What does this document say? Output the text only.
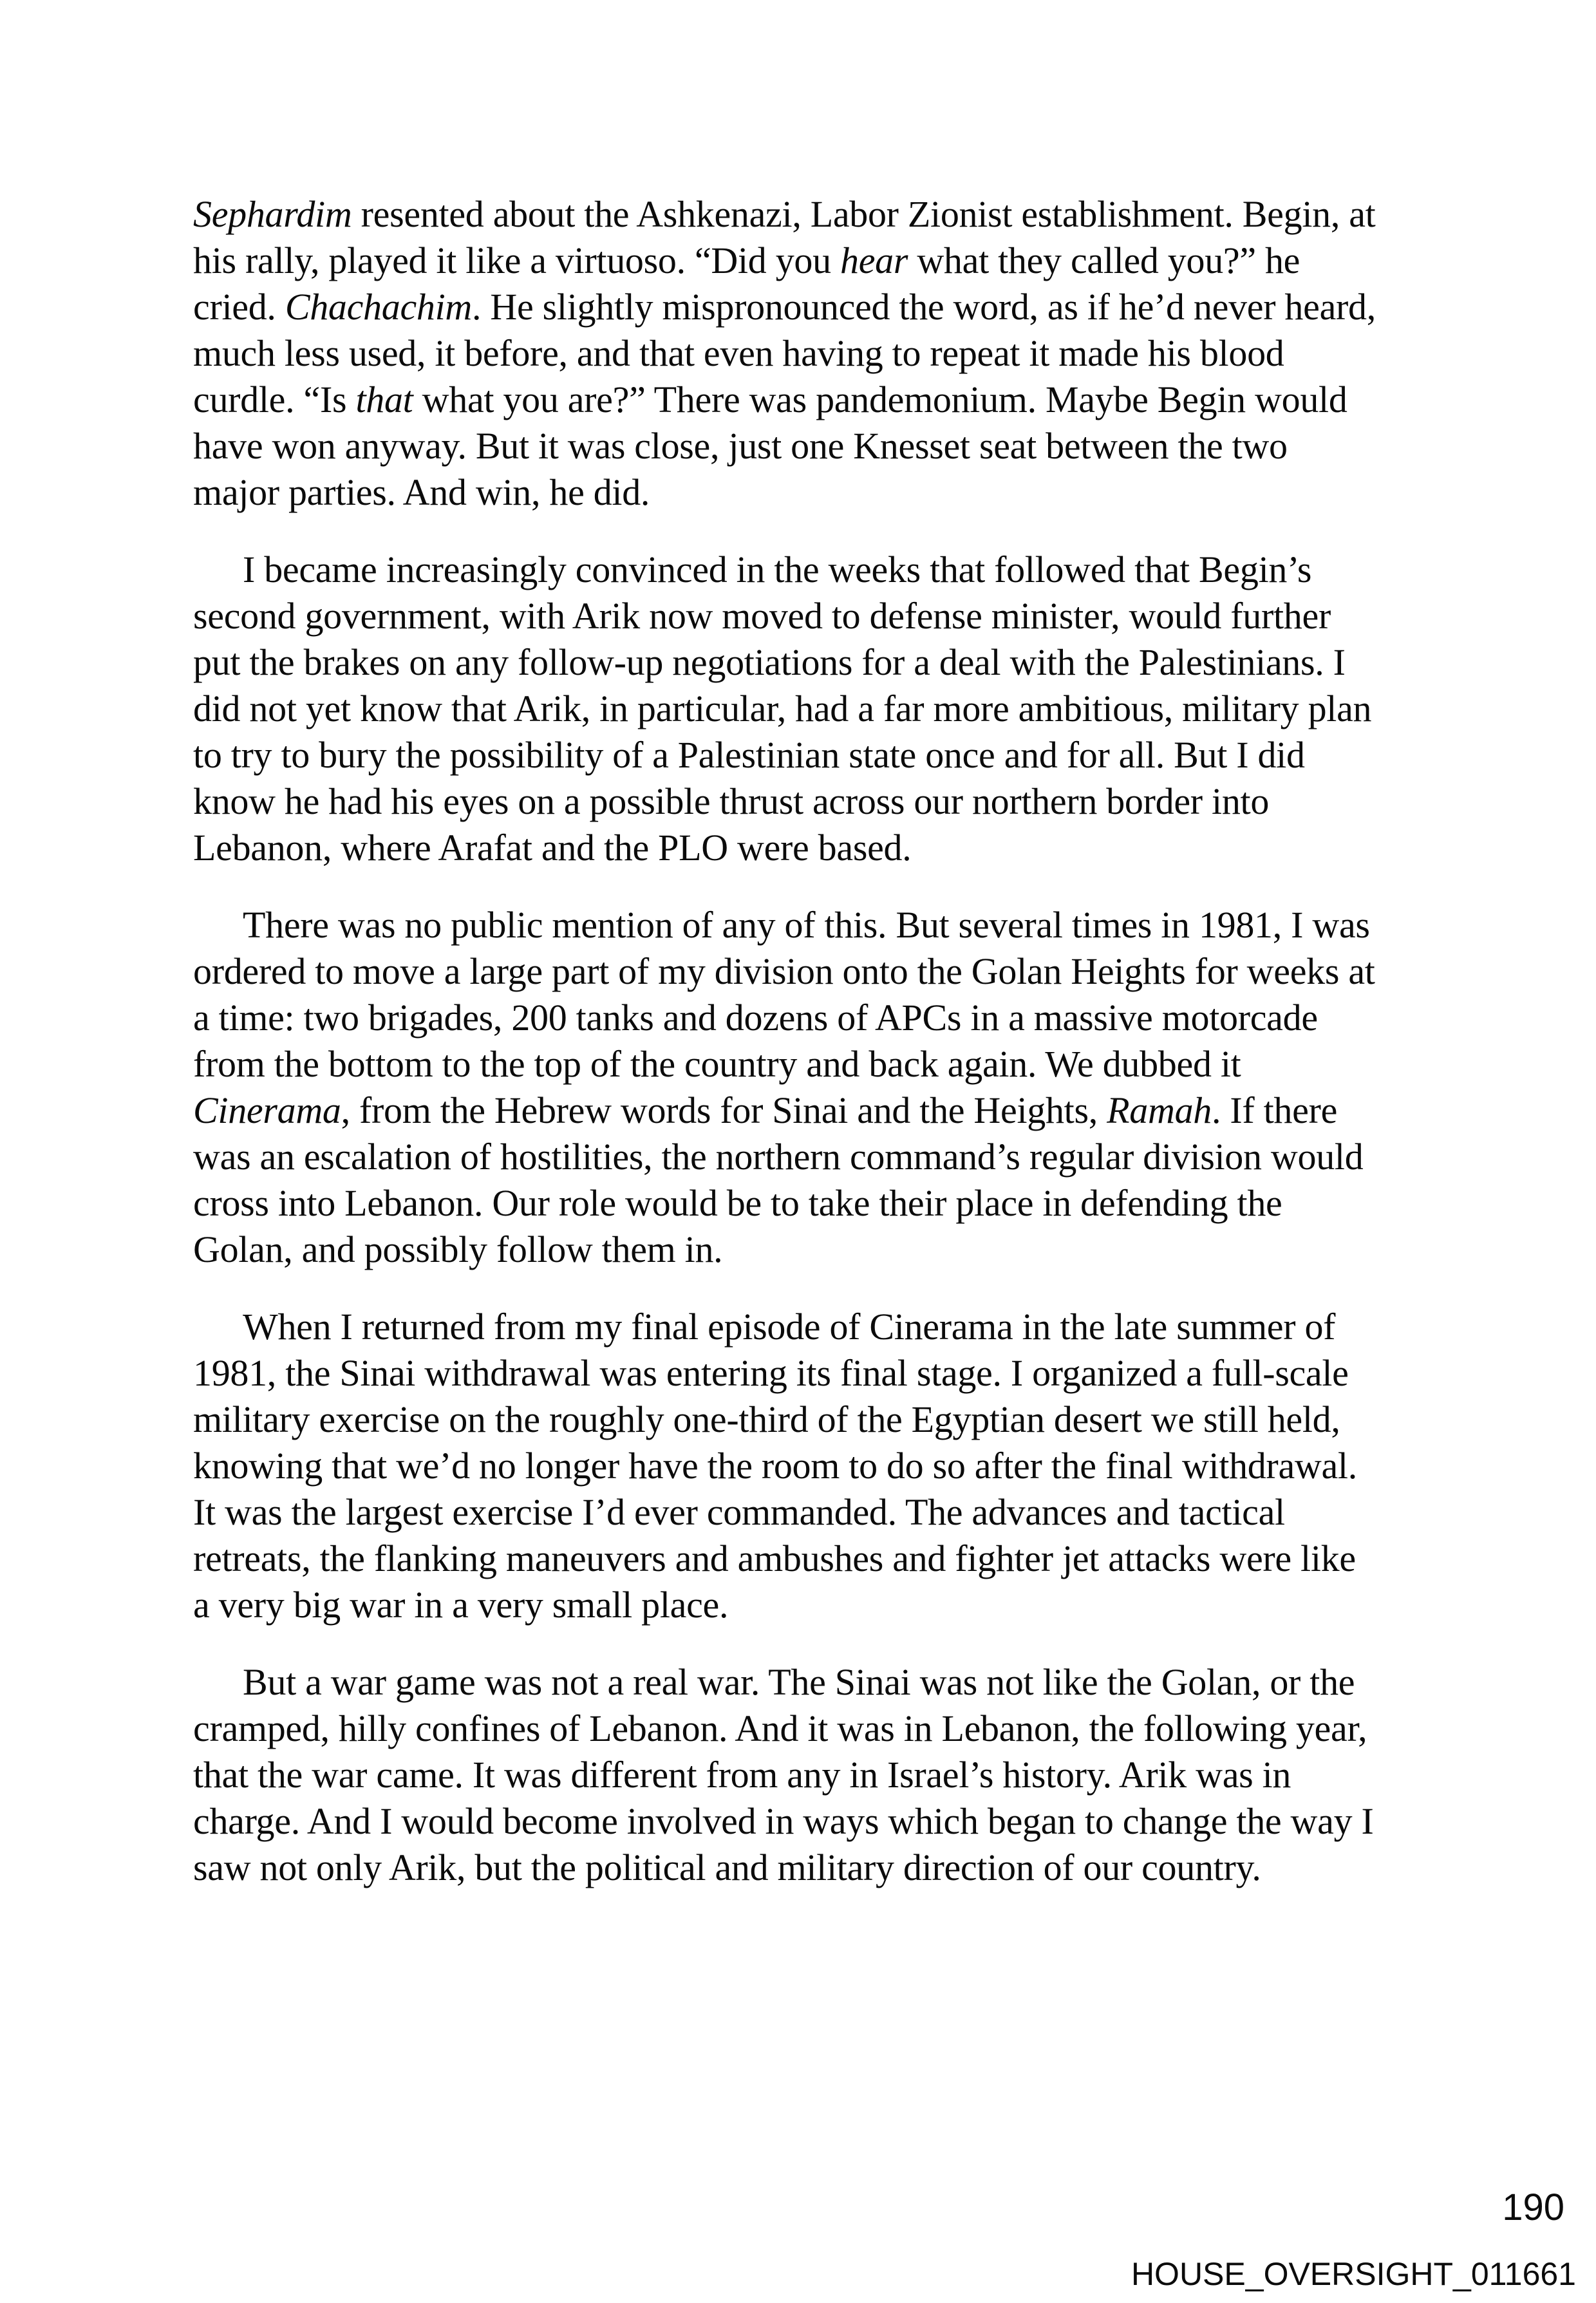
Sephardim resented about the Ashkenazi, Labor Zionist establishment. Begin, at
his rally, played it like a virtuoso. “Did you hear what they called you?” he
cried. Chachachim. He slightly mispronounced the word, as if he’d never heard,
much less used, it before, and that even having to repeat it made his blood
curdle. “Is that what you are?” There was pandemonium. Maybe Begin would
have won anyway. But it was close, just one Knesset seat between the two
major parties. And win, he did.
I became increasingly convinced in the weeks that followed that Begin’s
second government, with Arik now moved to defense minister, would further
put the brakes on any follow-up negotiations for a deal with the Palestinians. I
did not yet know that Arik, in particular, had a far more ambitious, military plan
to try to bury the possibility of a Palestinian state once and for all. But I did
know he had his eyes on a possible thrust across our northern border into
Lebanon, where Arafat and the PLO were based.
There was no public mention of any of this. But several times in 1981, I was
ordered to move a large part of my division onto the Golan Heights for weeks at
a time: two brigades, 200 tanks and dozens of APCs in a massive motorcade
from the bottom to the top of the country and back again. We dubbed it
Cinerama, from the Hebrew words for Sinai and the Heights, Ramah. If there
was an escalation of hostilities, the northern command’s regular division would
cross into Lebanon. Our role would be to take their place in defending the
Golan, and possibly follow them in.
When I returned from my final episode of Cinerama in the late summer of
1981, the Sinai withdrawal was entering its final stage. I organized a full-scale
military exercise on the roughly one-third of the Egyptian desert we still held,
knowing that we’d no longer have the room to do so after the final withdrawal.
It was the largest exercise I’d ever commanded. The advances and tactical
retreats, the flanking maneuvers and ambushes and fighter jet attacks were like
a very big war in a very small place.
But a war game was not a real war. The Sinai was not like the Golan, or the
cramped, hilly confines of Lebanon. And it was in Lebanon, the following year,
that the war came. It was different from any in Israel’s history. Arik was in
charge. And I would become involved in ways which began to change the way I
saw not only Arik, but the political and military direction of our country.
190
HOUSE_OVERSIGHT_011661
